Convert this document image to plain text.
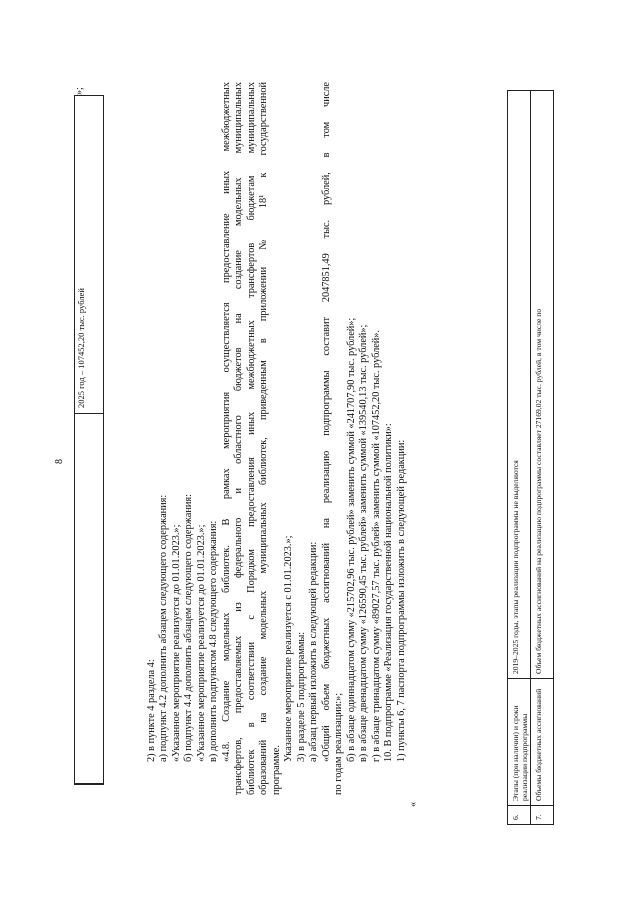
8
2025 год – 107452,20 тыс. рублей
»;
2) в пункте 4 раздела 4: а) подпункт 4.2 дополнить абзацем следующего содержания: «Указанное мероприятие реализуется до 01.01.2023.»; б) подпункт 4.4 дополнить абзацем следующего содержания: «Указанное мероприятие реализуется до 01.01.2023.»; в) дополнить подпунктом 4.8 следующего содержания: «4.8. Создание модельных библиотек. В рамках мероприятия осуществляется предоставление иных межбюджетных трансфертов, предоставляемых из федерального и областного бюджетов на создание модельных муниципальных библиотек в соответствии с Порядком предоставления иных межбюджетных трансфертов бюджетам муниципальных образований на создание модельных муниципальных библиотек, приведенным в приложении № 18¹ к государственной программе.
Указанное мероприятие реализуется с 01.01.2023.»; 3) в разделе 5 подпрограммы: а) абзац первый изложить в следующей редакции: «Общий объем бюджетных ассигнований на реализацию подпрограммы составит 2047851,49 тыс. рублей, в том числе по годам реализации:»; б) в абзаце одиннадцатом сумму «215702,96 тыс. рублей» заменить суммой «241707,90 тыс. рублей»; в) в абзаце двенадцатом сумму «126590,45 тыс. рублей» заменить суммой «139540,13 тыс. рублей»; г) в абзаце тринадцатом сумму «89027,57 тыс. рублей» заменить суммой «107452,20 тыс. рублей». 10. В подпрограмме «Реализация государственной национальной политики»: 1) пункты 6, 7 паспорта подпрограммы изложить в следующей редакции:
«
6.
Этапы (при наличии) и сроки реализации подпрограммы
2019–2025 годы, этапы реализации подпрограммы не выделяются
7.
Объемы бюджетных ассигнований
Объем бюджетных ассигнований на реализацию подпрограммы составляет 27169,02 тыс. рублей, в том числе по
